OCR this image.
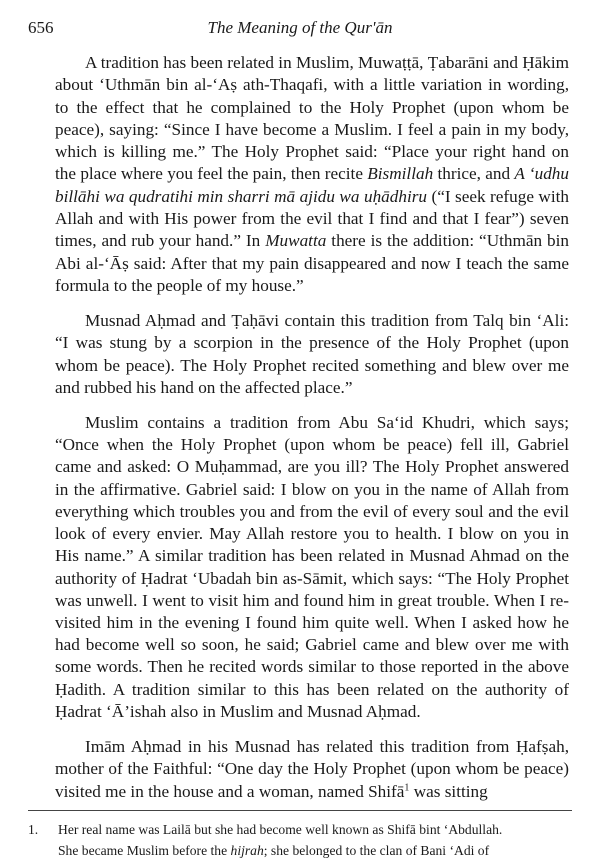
656	The Meaning of the Qur'ān

A tradition has been related in Muslim, Muwaṭṭā, Ṭabarāni and Ḥākim about ‘Uthmān bin al-‘Aṣ ath-Thaqafi, with a little variation in wording, to the effect that he complained to the Holy Prophet (upon whom be peace), saying: “Since I have become a Muslim. I feel a pain in my body, which is killing me.” The Holy Prophet said: “Place your right hand on the place where you feel the pain, then recite Bismillah thrice, and A ‘udhu billāhi wa qudratihi min sharri mā ajidu wa uḥādhiru (“I seek refuge with Allah and with His power from the evil that I find and that I fear”) seven times, and rub your hand.” In Muwatta there is the addition: “Uthmān bin Abi al-‘Āṣ said: After that my pain disappeared and now I teach the same formula to the people of my house.”

Musnad Aḥmad and Ṭaḥāvi contain this tradition from Talq bin ‘Ali: “I was stung by a scorpion in the presence of the Holy Prophet (upon whom be peace). The Holy Prophet recited something and blew over me and rubbed his hand on the affected place.”

Muslim contains a tradition from Abu Sa‘id Khudri, which says; “Once when the Holy Prophet (upon whom be peace) fell ill, Gabriel came and asked: O Muḥammad, are you ill? The Holy Prophet answered in the affirmative. Gabriel said: I blow on you in the name of Allah from everything which troubles you and from the evil of every soul and the evil look of every envier. May Allah restore you to health. I blow on you in His name.” A similar tradition has been related in Musnad Ahmad on the authority of Ḥadrat ‘Ubadah bin as-Sāmit, which says: “The Holy Prophet was unwell. I went to visit him and found him in great trouble. When I re-visited him in the evening I found him quite well. When I asked how he had become well so soon, he said; Gabriel came and blew over me with some words. Then he recited words similar to those reported in the above Ḥadith. A tradition similar to this has been related on the authority of Ḥadrat ‘Ā’ishah also in Muslim and Musnad Aḥmad.

Imām Aḥmad in his Musnad has related this tradition from Ḥafṣah, mother of the Faithful: “One day the Holy Prophet (upon whom be peace) visited me in the house and a woman, named Shifā$^1$ was sitting

1. Her real name was Lailā but she had become well known as Shifā bint ‘Abdullah.
She became Muslim before the hijrah; she belonged to the clan of Bani ‘Adi of
